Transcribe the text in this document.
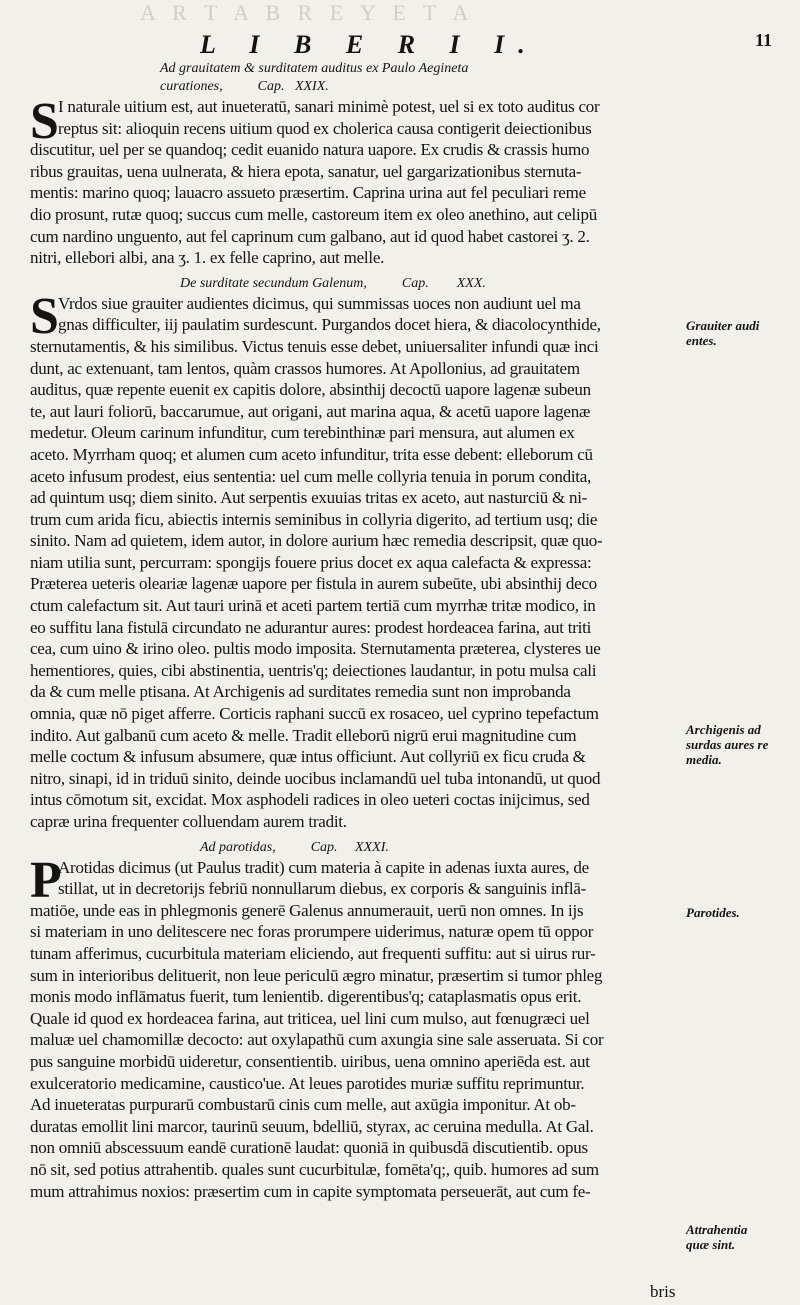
A R T A B R E Y E T A
L I B E R I I.	11

Ad grauitatem & surditatem auditus ex Paulo Aegineta

curationes,          Cap.   XXIX.

S I naturale uitium est, aut inueteratū, sanari minimè potest, uel si ex toto auditus cor

reptus sit: alioquin recens uitium quod ex cholerica causa contigerit deiectionibus

discutitur, uel per se quandoq; cedit euanido natura uapore. Ex crudis & crassis humo

ribus grauitas, uena uulnerata, & hiera epota, sanatur, uel gargarizationibus sternuta-

mentis: marino quoq; lauacro assueto præsertim. Caprina urina aut fel peculiari reme

dio prosunt, rutæ quoq; succus cum melle, castoreum item ex oleo anethino, aut celipū

cum nardino unguento, aut fel caprinum cum galbano, aut id quod habet castorei ʒ. 2.

nitri, ellebori albi, ana ʒ. 1. ex felle caprino, aut melle.

De surditate secundum Galenum,          Cap.        XXX.

S Vrdos siue grauiter audientes dicimus, qui summissas uoces non audiunt uel ma

gnas difficulter, iij paulatim surdescunt. Purgandos docet hiera, & diacolocynthide,

sternutamentis, & his similibus. Victus tenuis esse debet, uniuersaliter infundi quæ inci

dunt, ac extenuant, tam lentos, quàm crassos humores. At Apollonius, ad grauitatem

auditus, quæ repente euenit ex capitis dolore, absinthij decoctū uapore lagenæ subeun

te, aut lauri foliorū, baccarumue, aut origani, aut marina aqua, & acetū uapore lagenæ

medetur. Oleum carinum infunditur, cum terebinthinæ pari mensura, aut alumen ex

aceto. Myrrham quoq; et alumen cum aceto infunditur, trita esse debent: elleborum cū

aceto infusum prodest, eius sententia: uel cum melle collyria tenuia in porum condita,

ad quintum usq; diem sinito. Aut serpentis exuuias tritas ex aceto, aut nasturciū & ni-

trum cum arida ficu, abiectis internis seminibus in collyria digerito, ad tertium usq; die

sinito. Nam ad quietem, idem autor, in dolore aurium hæc remedia descripsit, quæ quo-

niam utilia sunt, percurram: spongijs fouere prius docet ex aqua calefacta & expressa:

Præterea ueteris oleariæ lagenæ uapore per fistula in aurem subeūte, ubi absinthij deco

ctum calefactum sit. Aut tauri urinā et aceti partem tertiā cum myrrhæ tritæ modico, in

eo suffitu lana fistulā circundato ne adurantur aures: prodest hordeacea farina, aut triti

cea, cum uino & irino oleo. pultis modo imposita. Sternutamenta præterea, clysteres ue

hementiores, quies, cibi abstinentia, uentris'q; deiectiones laudantur, in potu mulsa cali

da & cum melle ptisana. At Archigenis ad surditates remedia sunt non improbanda

omnia, quæ nō piget afferre. Corticis raphani succū ex rosaceo, uel cyprino tepefactum

indito. Aut galbanū cum aceto & melle. Tradit elleborū nigrū erui magnitudine cum

melle coctum & infusum absumere, quæ intus officiunt. Aut collyriū ex ficu cruda &

nitro, sinapi, id in triduū sinito, deinde uocibus inclamandū uel tuba intonandū, ut quod

intus cōmotum sit, excidat. Mox asphodeli radices in oleo ueteri coctas inijcimus, sed

capræ urina frequenter colluendam aurem tradit.

Ad parotidas,          Cap.     XXXI.

P

Arotidas dicimus (ut Paulus tradit) cum materia à capite in adenas iuxta aures, de

stillat, ut in decretorijs febriū nonnullarum diebus, ex corporis & sanguinis inflā-

matiōe, unde eas in phlegmonis generē Galenus annumerauit, uerū non omnes. In ijs

si materiam in uno delitescere nec foras prorumpere uiderimus, naturæ opem tū oppor

tunam afferimus, cucurbitula materiam eliciendo, aut frequenti suffitu: aut si uirus rur-

sum in interioribus delituerit, non leue periculū ægro minatur, præsertim si tumor phleg

monis modo inflāmatus fuerit, tum lenientib. digerentibus'q; cataplasmatis opus erit.

Quale id quod ex hordeacea farina, aut triticea, uel lini cum mulso, aut fœnugræci uel

maluæ uel chamomillæ decocto: aut oxylapathū cum axungia sine sale asseruata. Si cor

pus sanguine morbidū uideretur, consentientib. uiribus, uena omnino aperiēda est. aut

exulceratorio medicamine, caustico'ue. At leues parotides muriæ suffitu reprimuntur.

Ad inueteratas purpurarū combustarū cinis cum melle, aut axūgia imponitur. At ob-

duratas emollit lini marcor, taurinū seuum, bdelliū, styrax, ac ceruina medulla. At Gal.

non omniū abscessuum eandē curationē laudat: quoniā in quibusdā discutientib. opus

nō sit, sed potius attrahentib. quales sunt cucurbitulæ, fomēta'q;, quib. humores ad sum

mum attrahimus noxios: præsertim cum in capite symptomata perseuerāt, aut cum fe-

bris
Grauiter audi
entes.
Archigenis ad
surdas aures re
media.
Parotides.
Attrahentia
quæ sint.
